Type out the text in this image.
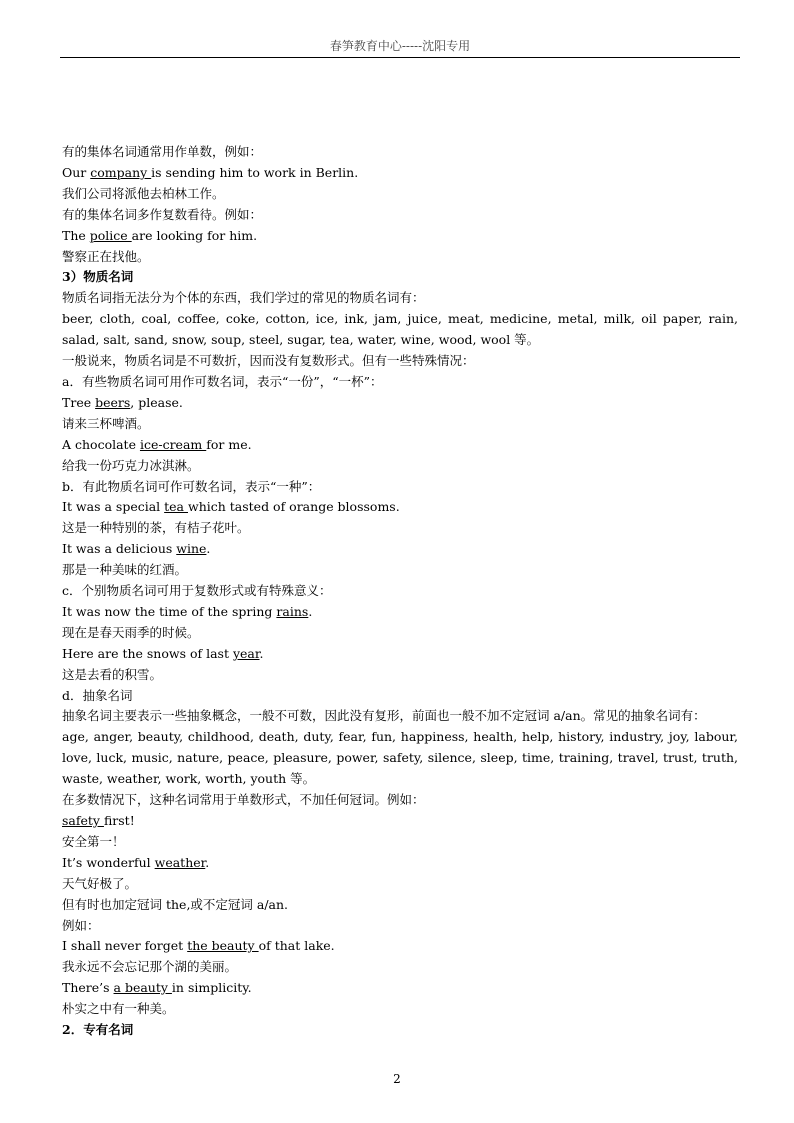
春笋教育中心-----沈阳专用
有的集体名词通常用作单数，例如：
Our company is sending him to work in Berlin.
我们公司将派他去柏林工作。
有的集体名词多作复数看待。例如：
The police are looking for him.
警察正在找他。
3）物质名词
物质名词指无法分为个体的东西，我们学过的常见的物质名词有：
beer, cloth, coal, coffee, coke, cotton, ice, ink, jam, juice, meat, medicine, metal, milk, oil paper, rain, salad, salt, sand, snow, soup, steel, sugar, tea, water, wine, wood, wool 等。
一般说来，物质名词是不可数折，因而没有复数形式。但有一些特殊情况：
a．有些物质名词可用作可数名词，表示“一份”，“一杯”：
Tree beers, please.
请来三杯啤酒。
A chocolate ice-cream for me.
给我一份巧克力冰淇淋。
b．有此物质名词可作可数名词，表示“一种”：
It was a special tea which tasted of orange blossoms.
这是一种特别的茶，有桔子花叶。
It was a delicious wine.
那是一种美味的红酒。
c．个别物质名词可用于复数形式或有特殊意义：
It was now the time of the spring rains.
现在是春天雨季的时候。
Here are the snows of last year.
这是去看的积雪。
d．抽象名词
抽象名词主要表示一些抽象概念，一般不可数，因此没有复形，前面也一般不加不定冠词 a/an。常见的抽象名词有：
age, anger, beauty, childhood, death, duty, fear, fun, happiness, health, help, history, industry, joy, labour, love, luck, music, nature, peace, pleasure, power, safety, silence, sleep, time, training, travel, trust, truth, waste, weather, work, worth, youth 等。
在多数情况下，这种名词常用于单数形式，不加任何冠词。例如：
safety first!
安全第一！
It’s wonderful weather.
天气好极了。
但有时也加定冠词 the,或不定冠词 a/an.
例如：
I shall never forget the beauty of that lake.
我永远不会忘记那个湖的美丽。
There’s a beauty in simplicity.
朴实之中有一种美。
2．专有名词
2
